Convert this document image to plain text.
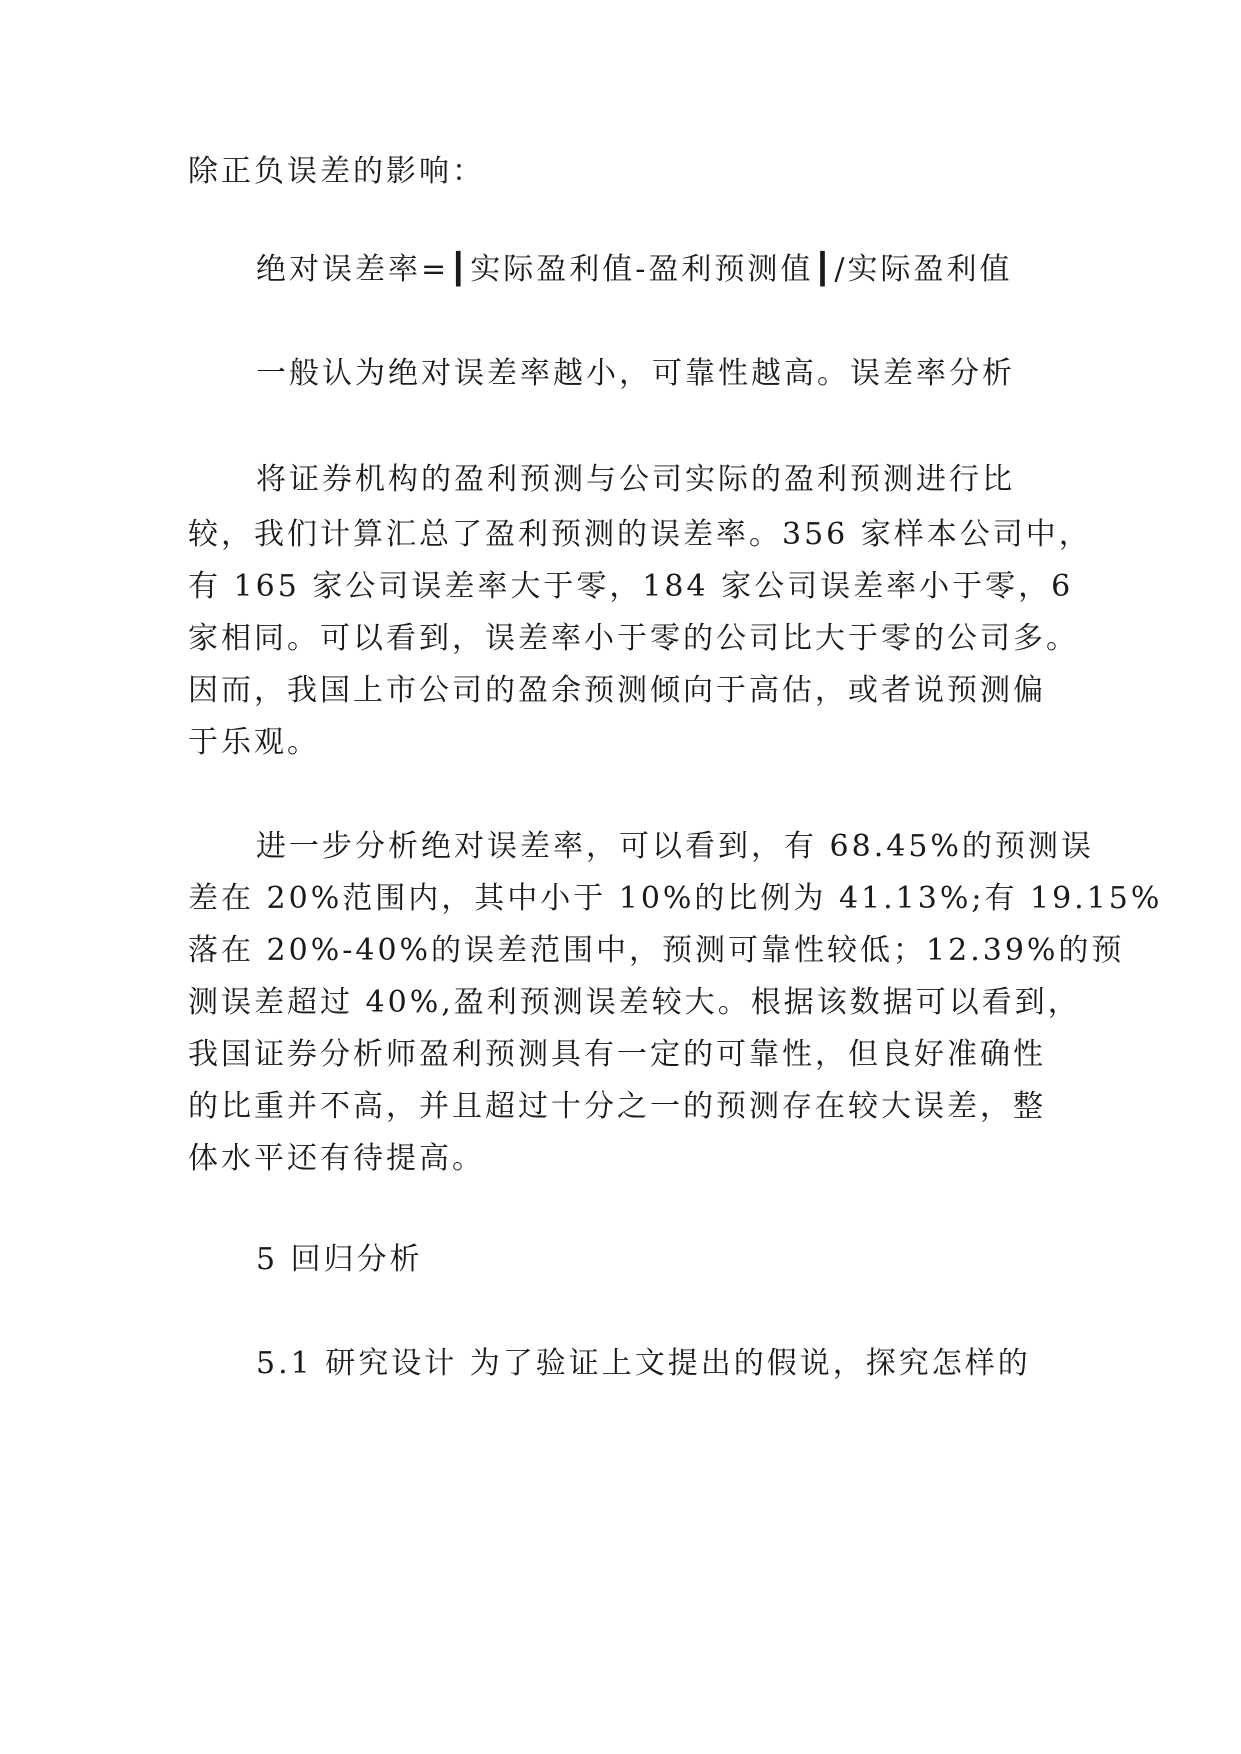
除正负误差的影响：
绝对误差率=┃实际盈利值-盈利预测值┃/实际盈利值
一般认为绝对误差率越小，可靠性越高。误差率分析
将证券机构的盈利预测与公司实际的盈利预测进行比
较，我们计算汇总了盈利预测的误差率。356 家样本公司中，
有 165 家公司误差率大于零，184 家公司误差率小于零，6
家相同。可以看到，误差率小于零的公司比大于零的公司多。
因而，我国上市公司的盈余预测倾向于高估，或者说预测偏
于乐观。
进一步分析绝对误差率，可以看到，有 68.45%的预测误
差在 20%范围内，其中小于 10%的比例为 41.13%;有 19.15%
落在 20%-40%的误差范围中，预测可靠性较低；12.39%的预
测误差超过 40%,盈利预测误差较大。根据该数据可以看到，
我国证券分析师盈利预测具有一定的可靠性，但良好准确性
的比重并不高，并且超过十分之一的预测存在较大误差，整
体水平还有待提高。
5 回归分析
5.1 研究设计 为了验证上文提出的假说，探究怎样的
